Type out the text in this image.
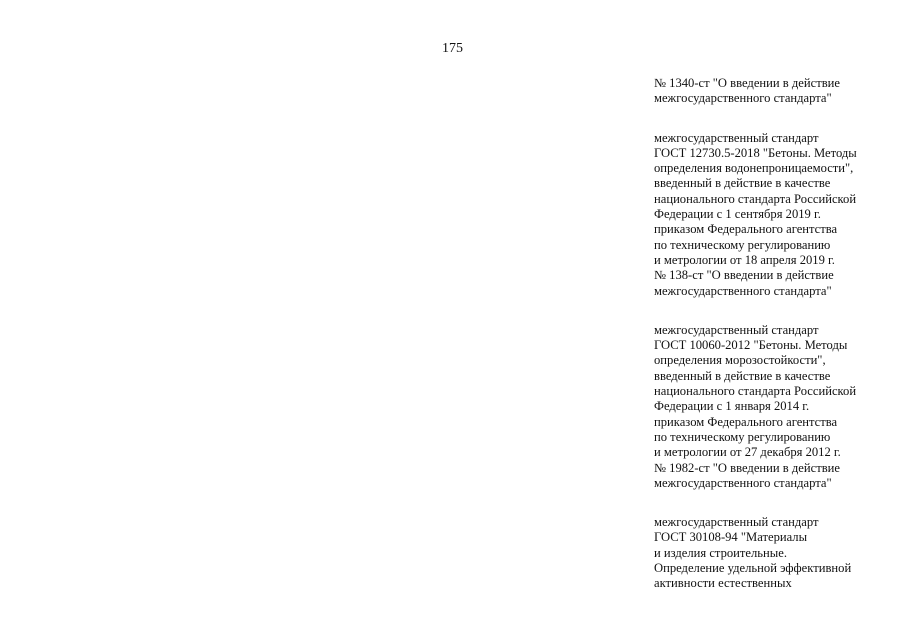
175
№ 1340-ст "О введении в действие
межгосударственного стандарта"
межгосударственный стандарт
ГОСТ 12730.5-2018 "Бетоны. Методы
определения водонепроницаемости",
введенный в действие в качестве
национального стандарта Российской
Федерации с 1 сентября 2019 г.
приказом Федерального агентства
по техническому регулированию
и метрологии от 18 апреля 2019 г.
№ 138-ст "О введении в действие
межгосударственного стандарта"
межгосударственный стандарт
ГОСТ 10060-2012 "Бетоны. Методы
определения морозостойкости",
введенный в действие в качестве
национального стандарта Российской
Федерации с 1 января 2014 г.
приказом Федерального агентства
по техническому регулированию
и метрологии от 27 декабря 2012 г.
№ 1982-ст "О введении в действие
межгосударственного стандарта"
межгосударственный стандарт
ГОСТ 30108-94 "Материалы
и изделия строительные.
Определение удельной эффективной
активности естественных
